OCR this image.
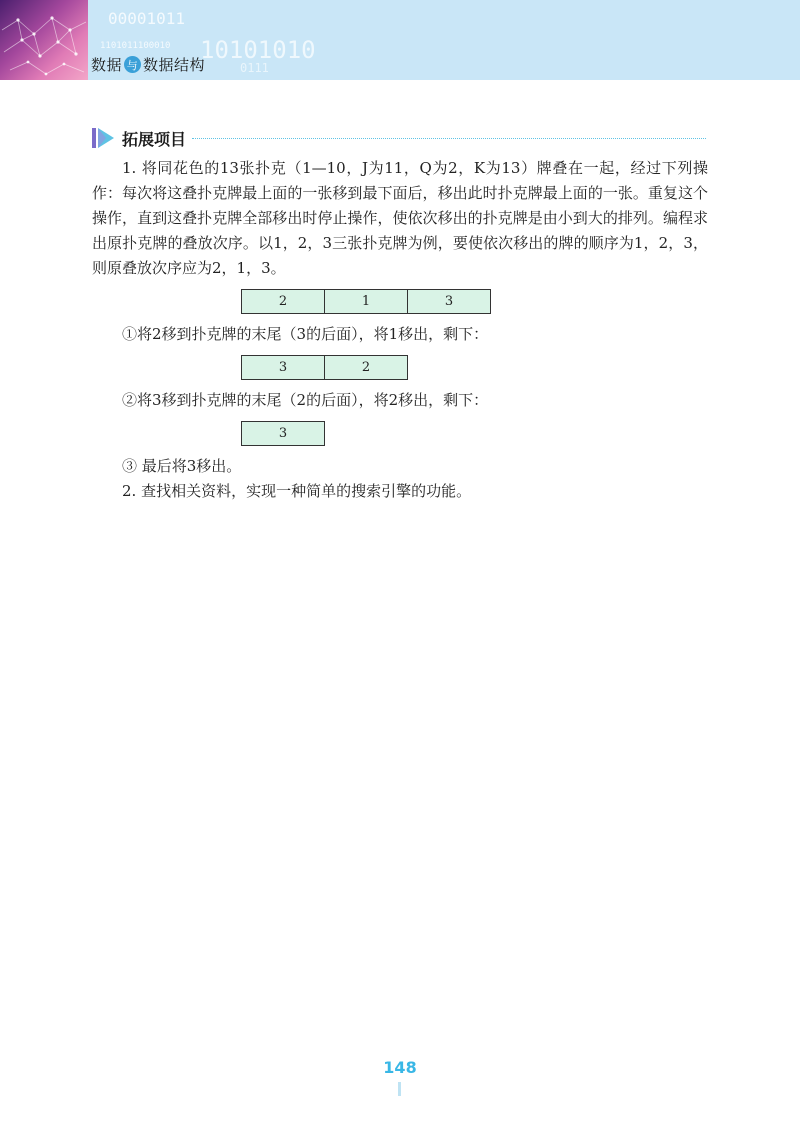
00001011
10101010
1101011100010
0111
数据 与 数据结构
拓展项目

1. 将同花色的13张扑克（1—10，J为11，Q为2，K为13）牌叠在一起，经过下列操作：每次将这叠扑克牌最上面的一张移到最下面后，移出此时扑克牌最上面的一张。重复这个操作，直到这叠扑克牌全部移出时停止操作，使依次移出的扑克牌是由小到大的排列。编程求出原扑克牌的叠放次序。以1，2，3三张扑克牌为例，要使依次移出的牌的顺序为1，2，3，则原叠放次序应为2，1，3。

2	1	3

①将2移到扑克牌的末尾（3的后面），将1移出，剩下：

3	2

②将3移到扑克牌的末尾（2的后面），将2移出，剩下：

3

③ 最后将3移出。

2. 查找相关资料，实现一种简单的搜索引擎的功能。

148
